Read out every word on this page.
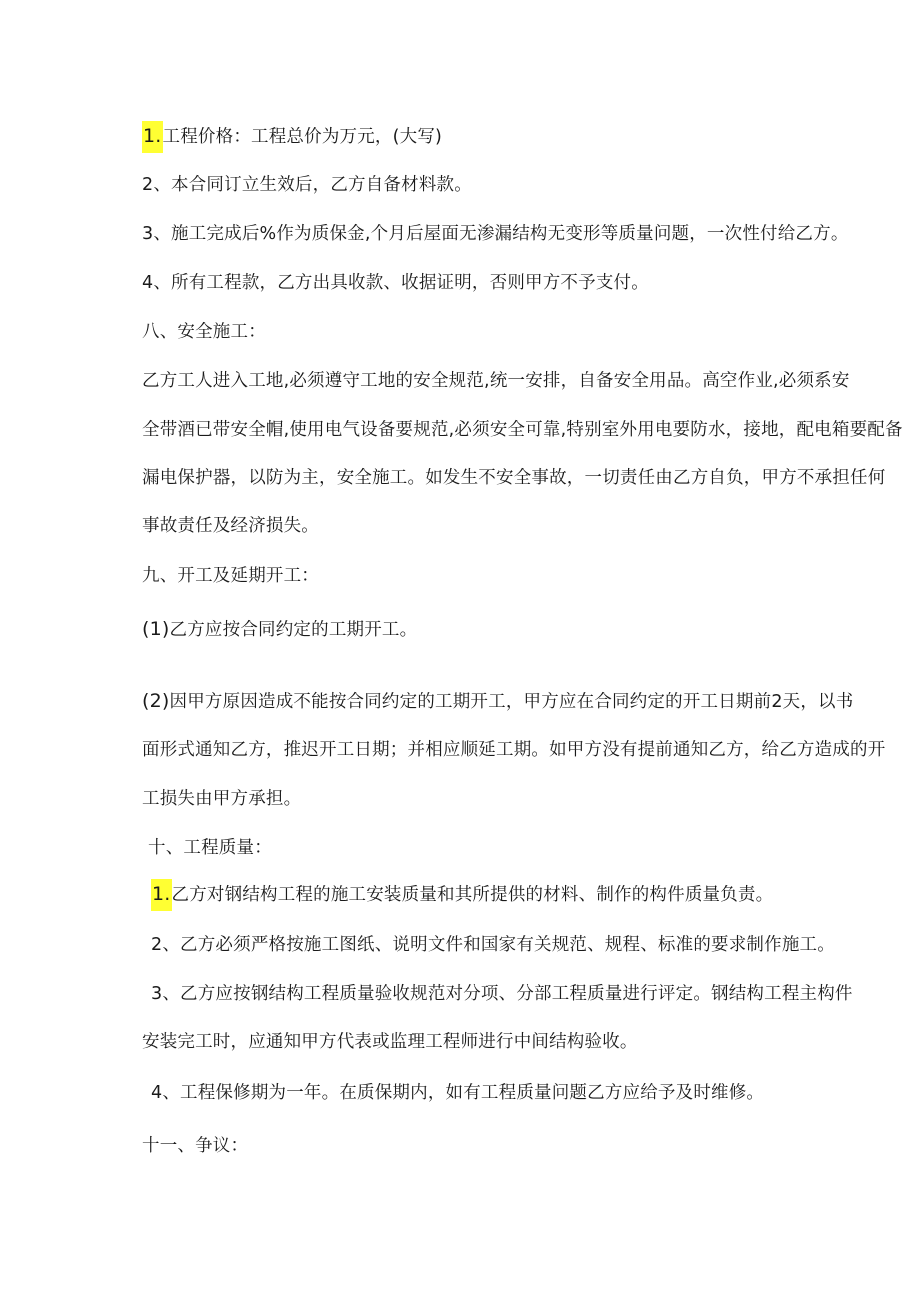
1.工程价格：工程总价为万元，(大写)
2、本合同订立生效后，乙方自备材料款。
3、施工完成后%作为质保金,个月后屋面无渗漏结构无变形等质量问题，一次性付给乙方。
4、所有工程款，乙方出具收款、收据证明，否则甲方不予支付。
八、安全施工：
乙方工人进入工地,必须遵守工地的安全规范,统一安排，自备安全用品。高空作业,必须系安
全带酒已带安全帽,使用电气设备要规范,必须安全可靠,特别室外用电要防水，接地，配电箱要配备
漏电保护器，以防为主，安全施工。如发生不安全事故，一切责任由乙方自负，甲方不承担任何
事故责任及经济损失。
九、开工及延期开工：
(1)乙方应按合同约定的工期开工。
(2)因甲方原因造成不能按合同约定的工期开工，甲方应在合同约定的开工日期前2天，以书
面形式通知乙方，推迟开工日期；并相应顺延工期。如甲方没有提前通知乙方，给乙方造成的开
工损失由甲方承担。
十、工程质量：
1.乙方对钢结构工程的施工安装质量和其所提供的材料、制作的构件质量负责。
2、乙方必须严格按施工图纸、说明文件和国家有关规范、规程、标准的要求制作施工。
3、乙方应按钢结构工程质量验收规范对分项、分部工程质量进行评定。钢结构工程主构件
安装完工时，应通知甲方代表或监理工程师进行中间结构验收。
4、工程保修期为一年。在质保期内，如有工程质量问题乙方应给予及时维修。
十一、争议：
